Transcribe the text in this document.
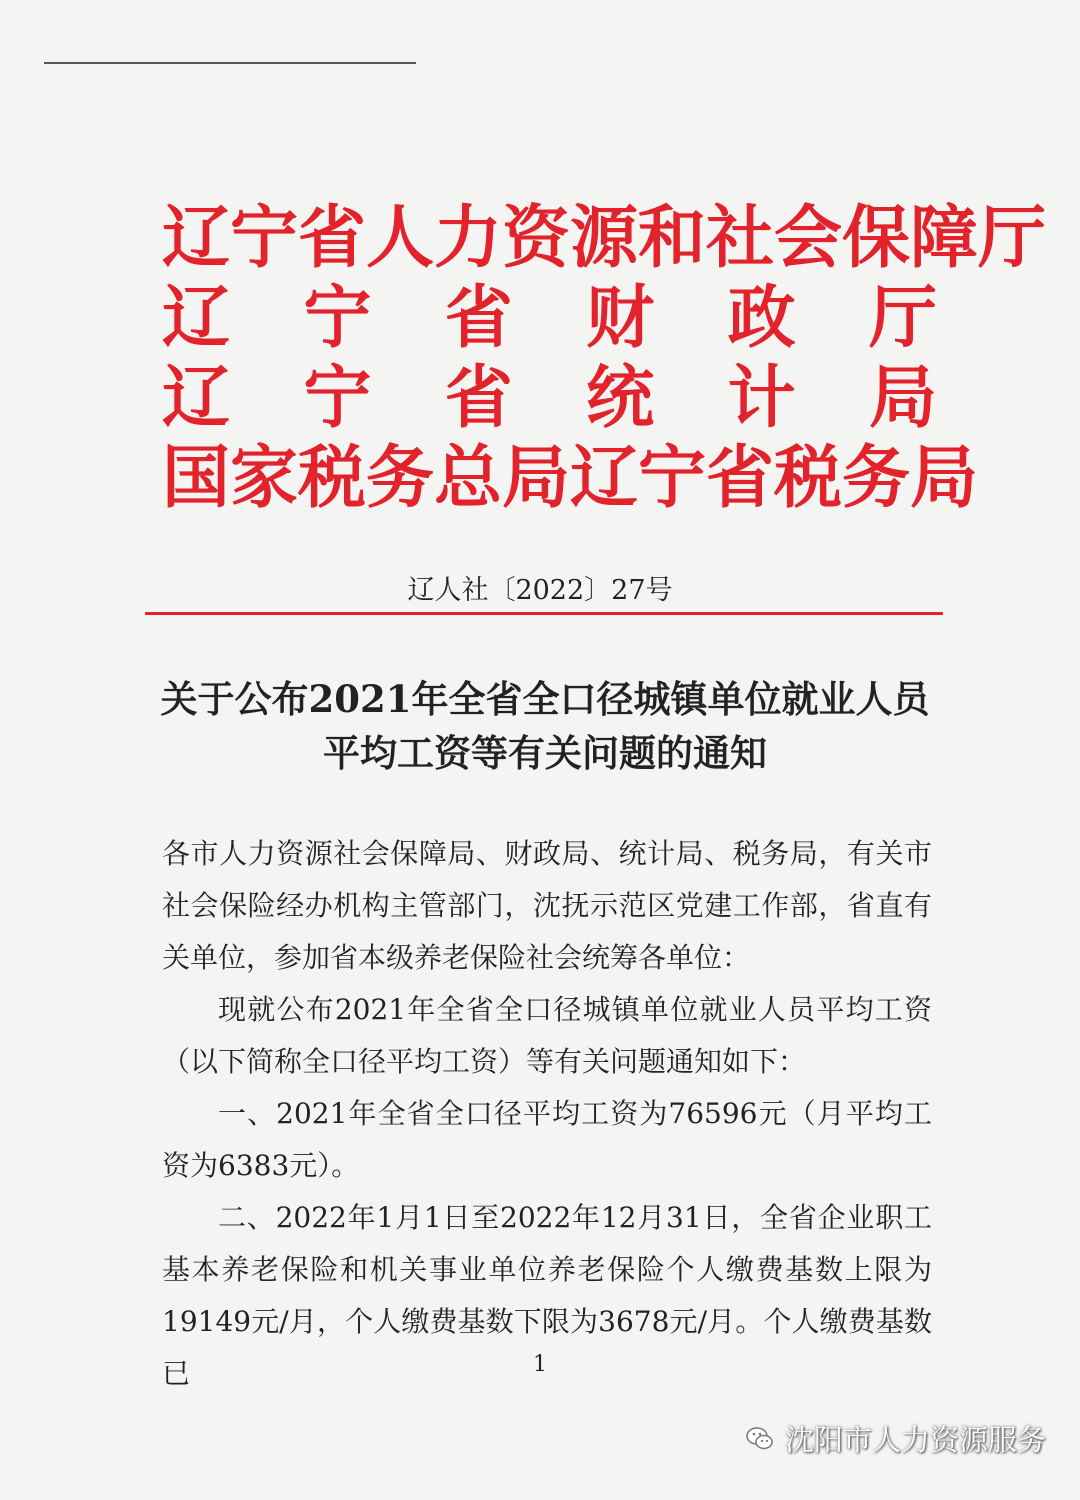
辽宁省人力资源和社会保障厅
辽 宁 省 财 政 厅
辽 宁 省 统 计 局
国家税务总局辽宁省税务局
辽人社〔2022〕27号
关于公布2021年全省全口径城镇单位就业人员
平均工资等有关问题的通知

各市人力资源社会保障局、财政局、统计局、税务局，有关市社会保险经办机构主管部门，沈抚示范区党建工作部，省直有关单位，参加省本级养老保险社会统筹各单位：

现就公布2021年全省全口径城镇单位就业人员平均工资（以下简称全口径平均工资）等有关问题通知如下：

一、2021年全省全口径平均工资为76596元（月平均工资为6383元）。

二、2022年1月1日至2022年12月31日，全省企业职工基本养老保险和机关事业单位养老保险个人缴费基数上限为19149元/月，个人缴费基数下限为3678元/月。个人缴费基数已	1
沈阳市人力资源服务
